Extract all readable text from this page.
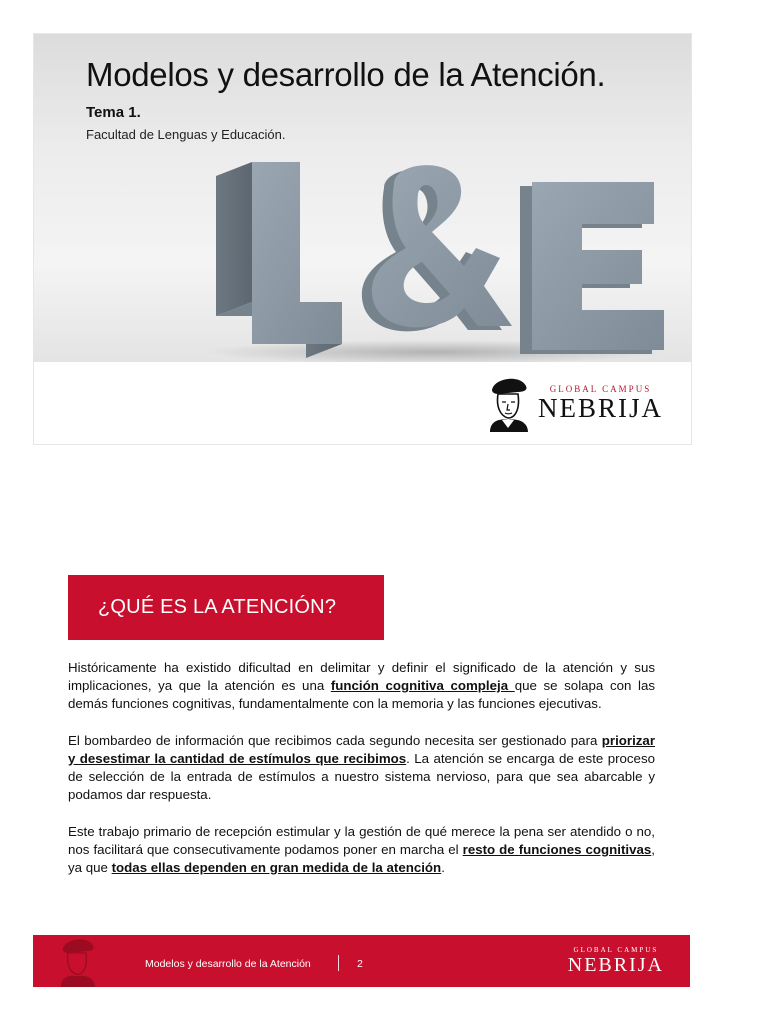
Modelos y desarrollo de la Atención.

Tema 1.

Facultad de Lenguas y Educación.

GLOBAL CAMPUS
NEBRIJA
¿QUÉ ES LA ATENCIÓN?

Históricamente ha existido dificultad en delimitar y definir el significado de la atención y sus implicaciones, ya que la atención es una función cognitiva compleja que se solapa con las demás funciones cognitivas, fundamentalmente con la memoria y las funciones ejecutivas.

El bombardeo de información que recibimos cada segundo necesita ser gestionado para priorizar y desestimar la cantidad de estímulos que recibimos. La atención se encarga de este proceso de selección de la entrada de estímulos a nuestro sistema nervioso, para que sea abarcable y podamos dar respuesta.

Este trabajo primario de recepción estimular y la gestión de qué merece la pena ser atendido o no, nos facilitará que consecutivamente podamos poner en marcha el resto de funciones cognitivas, ya que todas ellas dependen en gran medida de la atención.

Modelos y desarrollo de la Atención	2
GLOBAL CAMPUS
NEBRIJA
